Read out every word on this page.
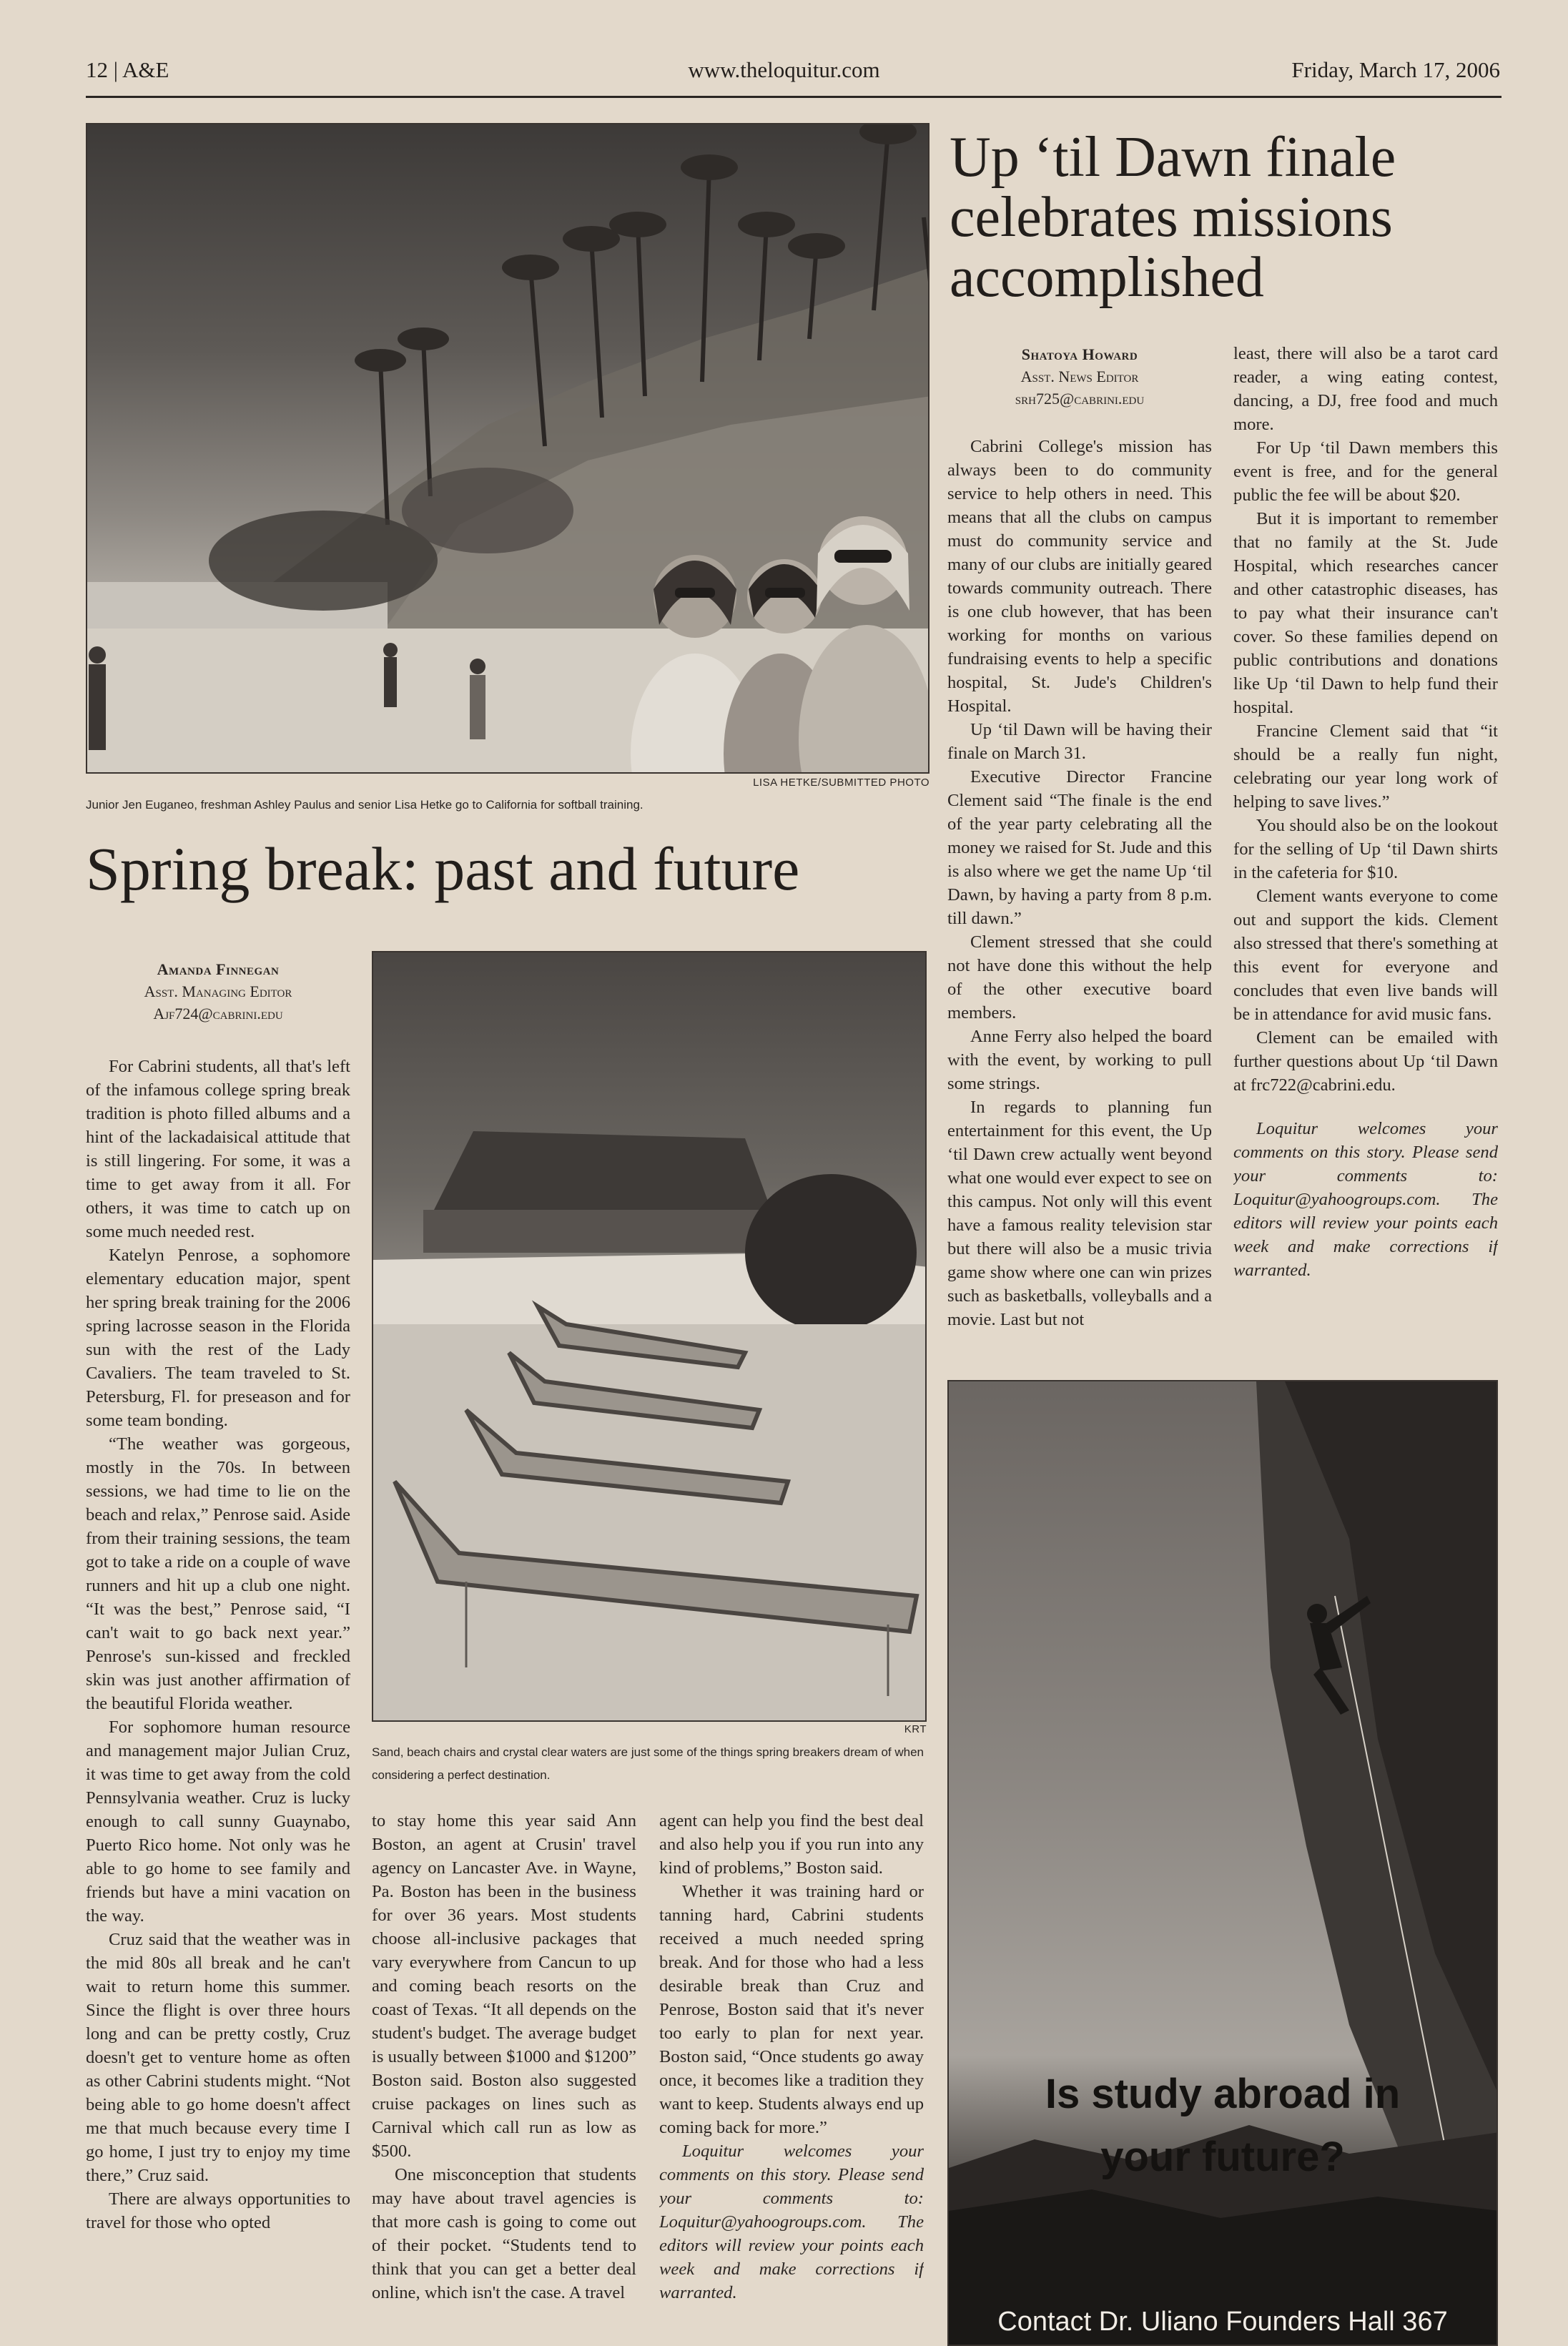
12 | A&E	www.theloquitur.com	Friday, March 17, 2006
LISA HETKE/SUBMITTED PHOTO
Junior Jen Euganeo, freshman Ashley Paulus and senior Lisa Hetke go to California for softball training.
Spring break: past and future
Amanda Finnegan
Asst. Managing Editor
Ajf724@cabrini.edu
KRT
Sand, beach chairs and crystal clear waters are just some of the things spring breakers dream of when considering a perfect destination.

For Cabrini students, all that's left of the infamous college spring break tradition is photo filled albums and a hint of the lackadaisical attitude that is still lingering. For some, it was a time to get away from it all. For others, it was time to catch up on some much needed rest.

Katelyn Penrose, a sophomore elementary education major, spent her spring break training for the 2006 spring lacrosse season in the Florida sun with the rest of the Lady Cavaliers. The team traveled to St. Petersburg, Fl. for preseason and for some team bonding.

“The weather was gorgeous, mostly in the 70s. In between sessions, we had time to lie on the beach and relax,” Penrose said. Aside from their training sessions, the team got to take a ride on a couple of wave runners and hit up a club one night. “It was the best,” Penrose said, “I can't wait to go back next year.” Penrose's sun-kissed and freckled skin was just another affirmation of the beautiful Florida weather.

For sophomore human resource and management major Julian Cruz, it was time to get away from the cold Pennsylvania weather. Cruz is lucky enough to call sunny Guaynabo, Puerto Rico home. Not only was he able to go home to see family and friends but have a mini vacation on the way.

Cruz said that the weather was in the mid 80s all break and he can't wait to return home this summer. Since the flight is over three hours long and can be pretty costly, Cruz doesn't get to venture home as often as other Cabrini students might. “Not being able to go home doesn't affect me that much because every time I go home, I just try to enjoy my time there,” Cruz said.

There are always opportunities to travel for those who opted

to stay home this year said Ann Boston, an agent at Crusin' travel agency on Lancaster Ave. in Wayne, Pa. Boston has been in the business for over 36 years. Most students choose all-inclusive packages that vary everywhere from Cancun to up and coming beach resorts on the coast of Texas. “It all depends on the student's budget. The average budget is usually between $1000 and $1200” Boston said. Boston also suggested cruise packages on lines such as Carnival which call run as low as $500.

One misconception that students may have about travel agencies is that more cash is going to come out of their pocket. “Students tend to think that you can get a better deal online, which isn't the case. A travel

agent can help you find the best deal and also help you if you run into any kind of problems,” Boston said.

Whether it was training hard or tanning hard, Cabrini students received a much needed spring break. And for those who had a less desirable break than Cruz and Penrose, Boston said that it's never too early to plan for next year. Boston said, “Once students go away once, it becomes like a tradition they want to keep. Students always end up coming back for more.”

Loquitur welcomes your comments on this story. Please send your comments to: Loquitur@yahoogroups.com. The editors will review your points each week and make corrections if warranted.

Up ‘til Dawn finale celebrates missions accomplished
Shatoya Howard
Asst. News Editor
srh725@cabrini.edu

Cabrini College's mission has always been to do community service to help others in need. This means that all the clubs on campus must do community service and many of our clubs are initially geared towards community outreach. There is one club however, that has been working for months on various fundraising events to help a specific hospital, St. Jude's Children's Hospital.

Up ‘til Dawn will be having their finale on March 31.

Executive Director Francine Clement said “The finale is the end of the year party celebrating all the money we raised for St. Jude and this is also where we get the name Up ‘til Dawn, by having a party from 8 p.m. till dawn.”

Clement stressed that she could not have done this without the help of the other executive board members.

Anne Ferry also helped the board with the event, by working to pull some strings.

In regards to planning fun entertainment for this event, the Up ‘til Dawn crew actually went beyond what one would ever expect to see on this campus. Not only will this event have a famous reality television star but there will also be a music trivia game show where one can win prizes such as basketballs, volleyballs and a movie. Last but not

least, there will also be a tarot card reader, a wing eating contest, dancing, a DJ, free food and much more.

For Up ‘til Dawn members this event is free, and for the general public the fee will be about $20.

But it is important to remember that no family at the St. Jude Hospital, which researches cancer and other catastrophic diseases, has to pay what their insurance can't cover. So these families depend on public contributions and donations like Up ‘til Dawn to help fund their hospital.

Francine Clement said that “it should be a really fun night, celebrating our year long work of helping to save lives.”

You should also be on the lookout for the selling of Up ‘til Dawn shirts in the cafeteria for $10.

Clement wants everyone to come out and support the kids. Clement also stressed that there's something at this event for everyone and concludes that even live bands will be in attendance for avid music fans.

Clement can be emailed with further questions about Up ‘til Dawn at frc722@cabrini.edu.

Loquitur welcomes your comments on this story. Please send your comments to: Loquitur@yahoogroups.com. The editors will review your points each week and make corrections if warranted.

Is study abroad in
your future?
Contact Dr. Uliano Founders Hall 367
